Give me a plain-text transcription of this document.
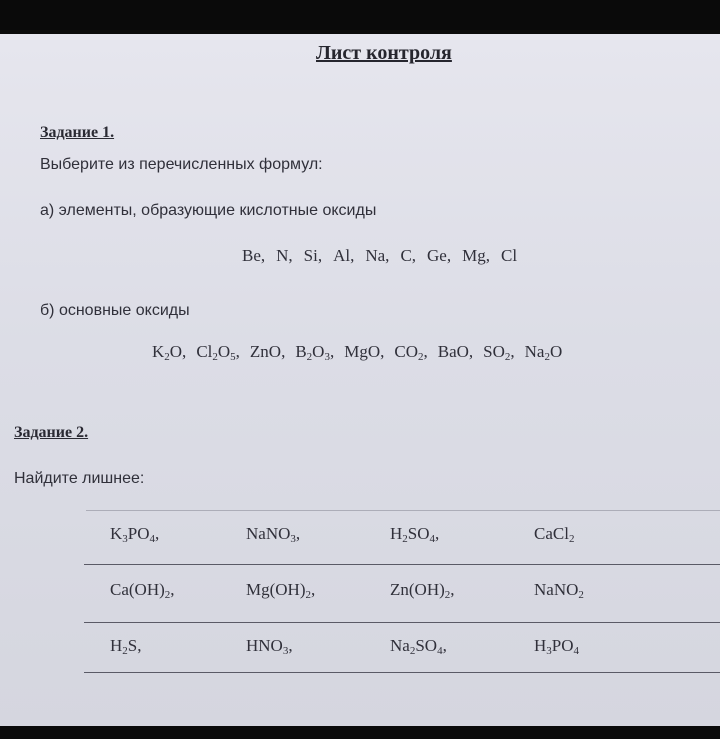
Лист контроля
Задание 1.
Выберите из перечисленных формул:
а) элементы, образующие кислотные оксиды
Be, N, Si, Al, Na, C, Ge, Mg, Cl
б) основные оксиды
$K_2O$, $Cl_2O_5$, ZnO, $B_2O_3$, MgO, $CO_2$, BaO, $SO_2$, $Na_2O$
Задание 2.
Найдите лишнее:
$K_3PO_4$,	NaNO$_3$,	$H_2SO_4$,	CaCl$_2$
$Ca(OH)_2$,	$Mg(OH)_2$,	$Zn(OH)_2$,	NaNO$_2$
$H_2S$,	$HNO_3$,	$Na_2SO_4$,	$H_3PO_4$
